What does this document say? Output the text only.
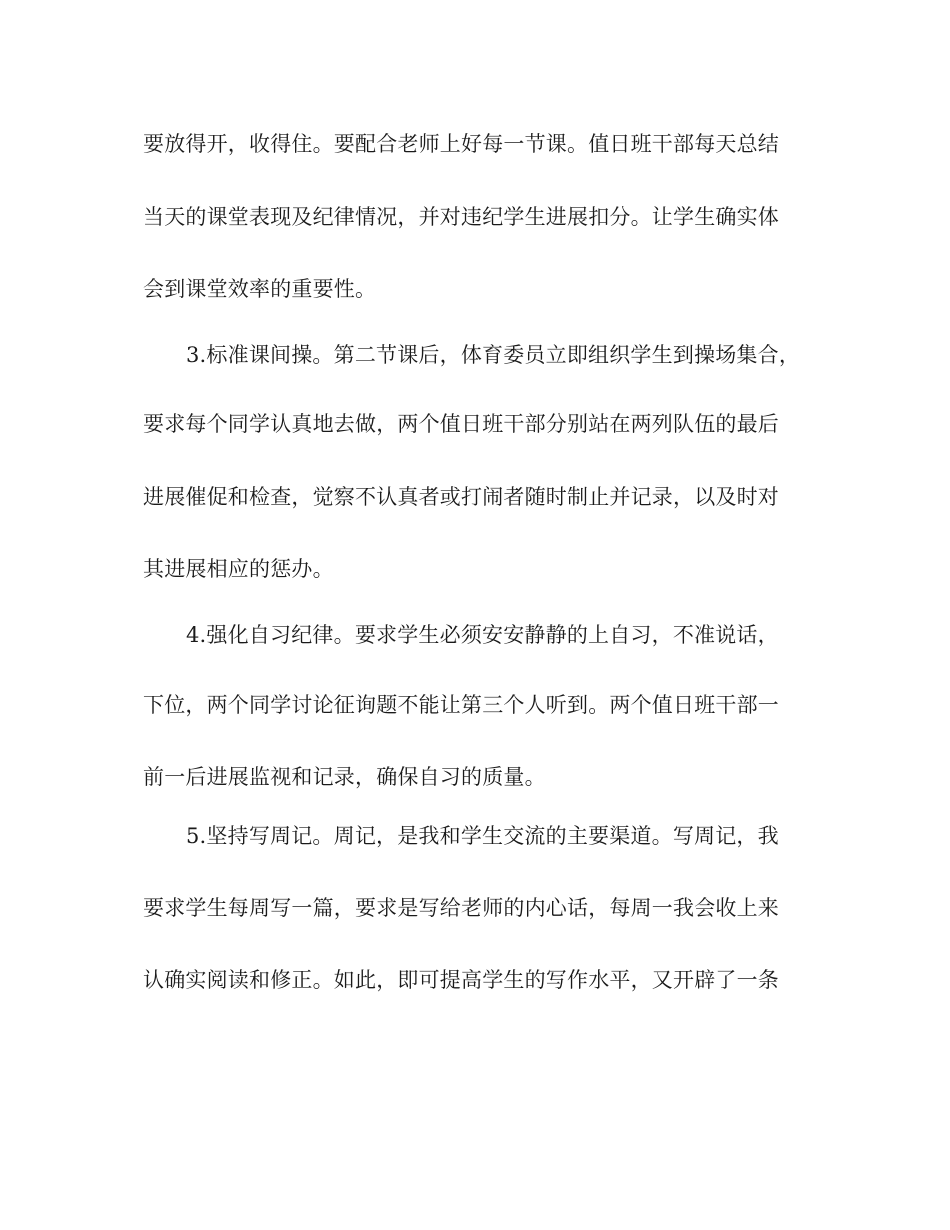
要放得开，收得住。要配合老师上好每一节课。值日班干部每天总结
当天的课堂表现及纪律情况，并对违纪学生进展扣分。让学生确实体
会到课堂效率的重要性。
3.标准课间操。第二节课后，体育委员立即组织学生到操场集合，
要求每个同学认真地去做，两个值日班干部分别站在两列队伍的最后
进展催促和检查，觉察不认真者或打闹者随时制止并记录，以及时对
其进展相应的惩办。
4.强化自习纪律。要求学生必须安安静静的上自习，不准说话，
下位，两个同学讨论征询题不能让第三个人听到。两个值日班干部一
前一后进展监视和记录，确保自习的质量。
5.坚持写周记。周记，是我和学生交流的主要渠道。写周记，我
要求学生每周写一篇，要求是写给老师的内心话，每周一我会收上来
认确实阅读和修正。如此，即可提高学生的写作水平，又开辟了一条
